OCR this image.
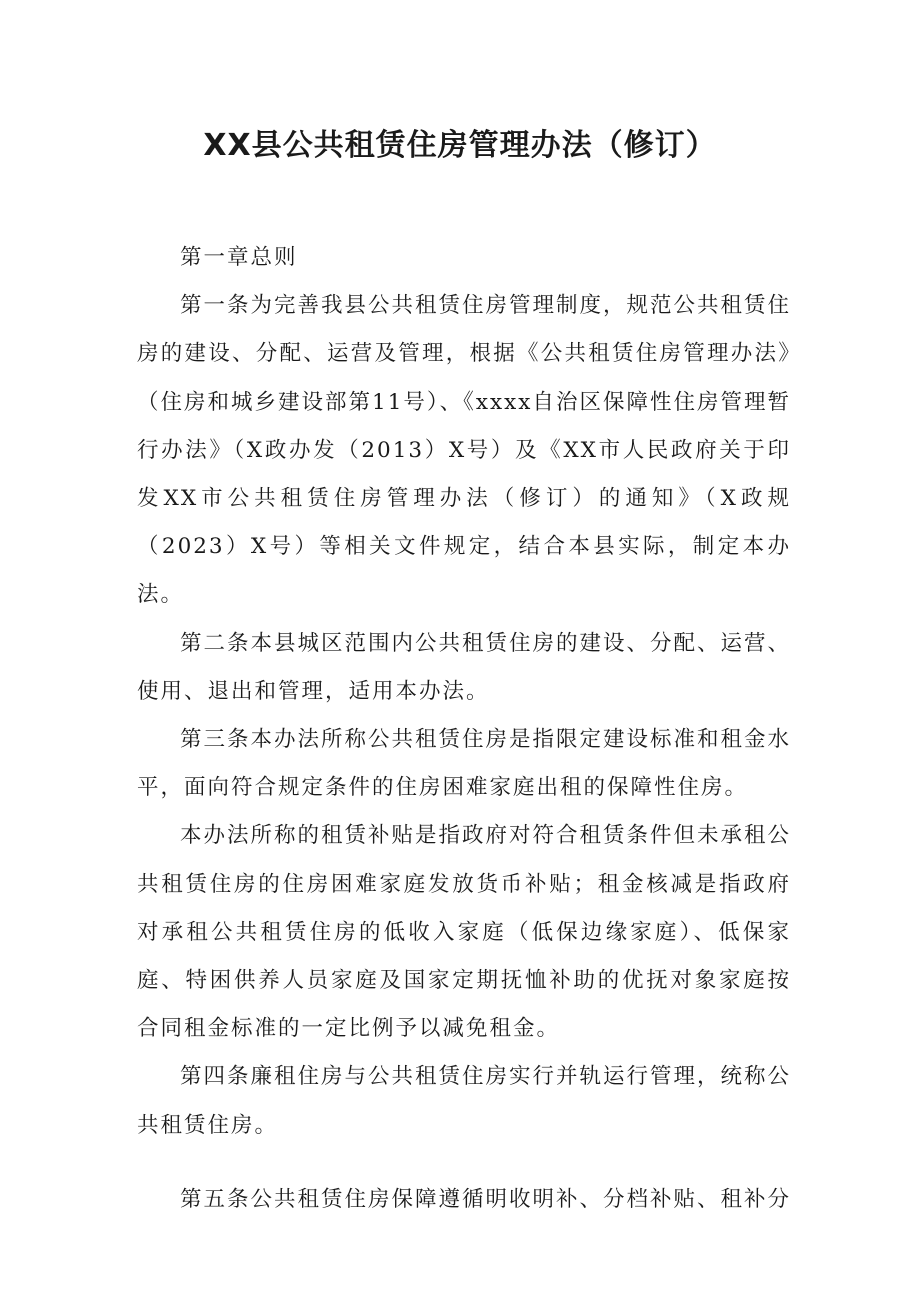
XX县公共租赁住房管理办法（修订）

第一章总则

第一条为完善我县公共租赁住房管理制度，规范公共租赁住房的建设、分配、运营及管理，根据《公共租赁住房管理办法》（住房和城乡建设部第11号）、《xxxx自治区保障性住房管理暂行办法》（X政办发（2013）X号）及《XX市人民政府关于印发XX市公共租赁住房管理办法（修订）的通知》（X政规（2023）X号）等相关文件规定，结合本县实际，制定本办法。

第二条本县城区范围内公共租赁住房的建设、分配、运营、使用、退出和管理，适用本办法。

第三条本办法所称公共租赁住房是指限定建设标准和租金水平，面向符合规定条件的住房困难家庭出租的保障性住房。

本办法所称的租赁补贴是指政府对符合租赁条件但未承租公共租赁住房的住房困难家庭发放货币补贴；租金核减是指政府对承租公共租赁住房的低收入家庭（低保边缘家庭）、低保家庭、特困供养人员家庭及国家定期抚恤补助的优抚对象家庭按合同租金标准的一定比例予以减免租金。

第四条廉租住房与公共租赁住房实行并轨运行管理，统称公共租赁住房。

第五条公共租赁住房保障遵循明收明补、分档补贴、租补分
